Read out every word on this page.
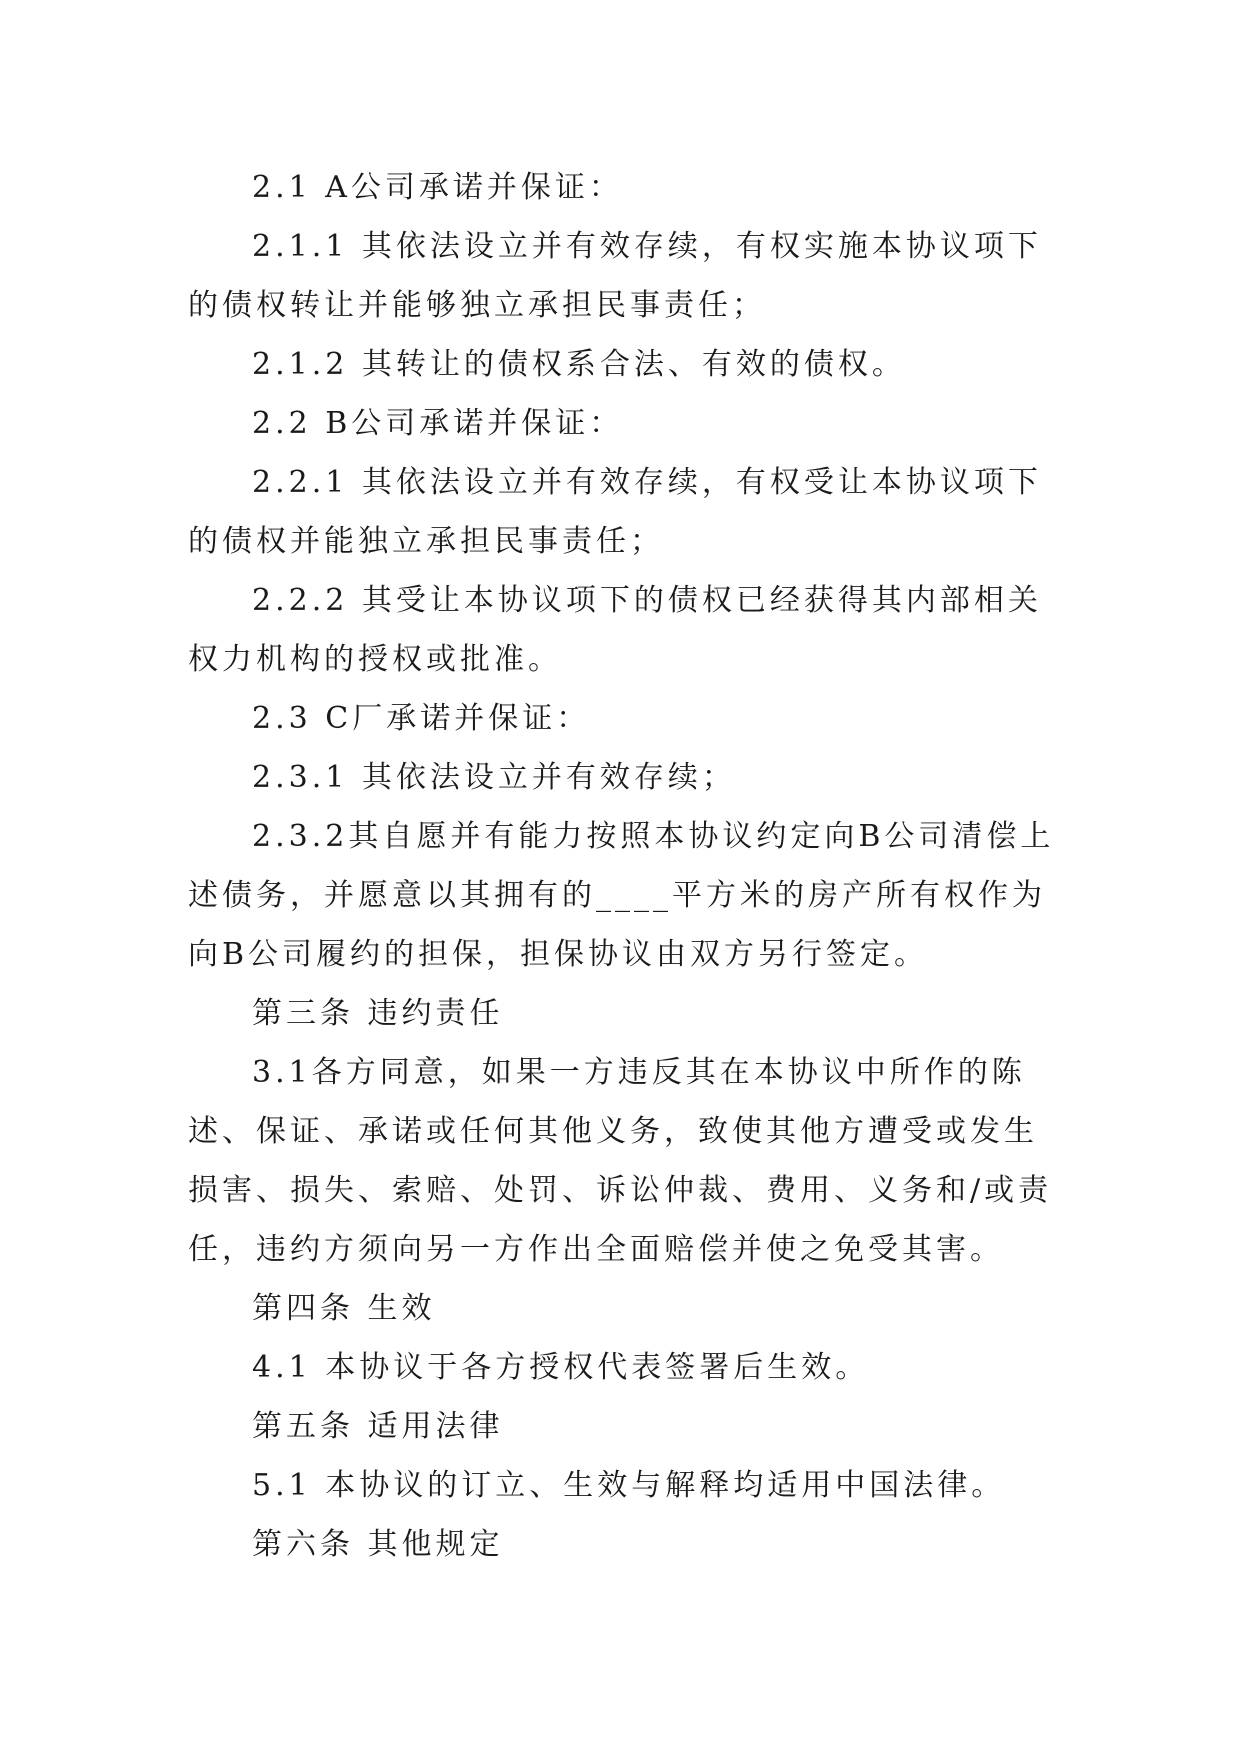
2.1 A公司承诺并保证：

2.1.1 其依法设立并有效存续，有权实施本协议项下的债权转让并能够独立承担民事责任；

2.1.2 其转让的债权系合法、有效的债权。

2.2 B公司承诺并保证：

2.2.1 其依法设立并有效存续，有权受让本协议项下的债权并能独立承担民事责任；

2.2.2 其受让本协议项下的债权已经获得其内部相关权力机构的授权或批准。

2.3 C厂承诺并保证：

2.3.1 其依法设立并有效存续；

2.3.2其自愿并有能力按照本协议约定向B公司清偿上述债务，并愿意以其拥有的____平方米的房产所有权作为向B公司履约的担保，担保协议由双方另行签定。

第三条 违约责任

3.1各方同意，如果一方违反其在本协议中所作的陈述、保证、承诺或任何其他义务，致使其他方遭受或发生损害、损失、索赔、处罚、诉讼仲裁、费用、义务和/或责任，违约方须向另一方作出全面赔偿并使之免受其害。

第四条 生效

4.1 本协议于各方授权代表签署后生效。

第五条 适用法律

5.1 本协议的订立、生效与解释均适用中国法律。

第六条 其他规定
